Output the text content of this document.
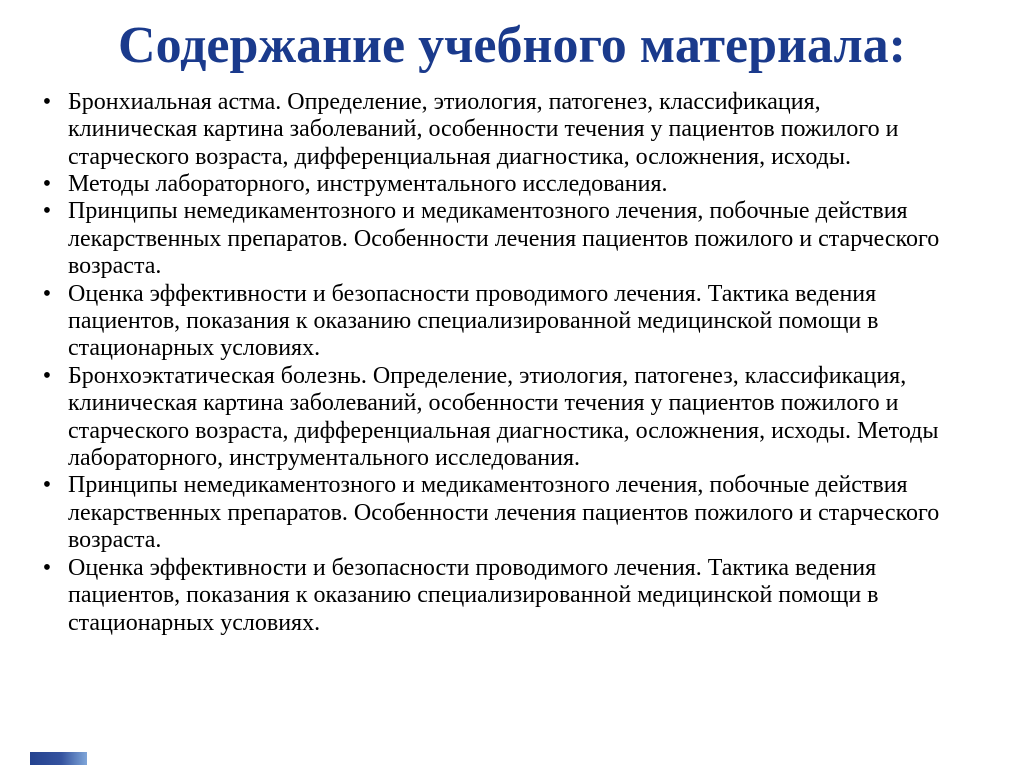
Содержание учебного материала:
• Бронхиальная астма. Определение, этиология, патогенез, классификация, клиническая картина заболеваний, особенности течения у пациентов пожилого и старческого возраста, дифференциальная диагностика, осложнения, исходы.
• Методы лабораторного, инструментального исследования.
• Принципы немедикаментозного и медикаментозного лечения, побочные действия лекарственных препаратов. Особенности лечения пациентов пожилого и старческого возраста.
• Оценка эффективности и безопасности проводимого лечения. Тактика ведения пациентов, показания к оказанию специализированной медицинской помощи в стационарных условиях.
• Бронхоэктатическая болезнь. Определение, этиология, патогенез, классификация, клиническая картина заболеваний, особенности течения у пациентов пожилого и старческого возраста, дифференциальная диагностика, осложнения, исходы. Методы лабораторного, инструментального исследования.
• Принципы немедикаментозного и медикаментозного лечения, побочные действия лекарственных препаратов. Особенности лечения пациентов пожилого и старческого возраста.
• Оценка эффективности и безопасности проводимого лечения. Тактика ведения пациентов, показания к оказанию специализированной медицинской помощи в стационарных условиях.
